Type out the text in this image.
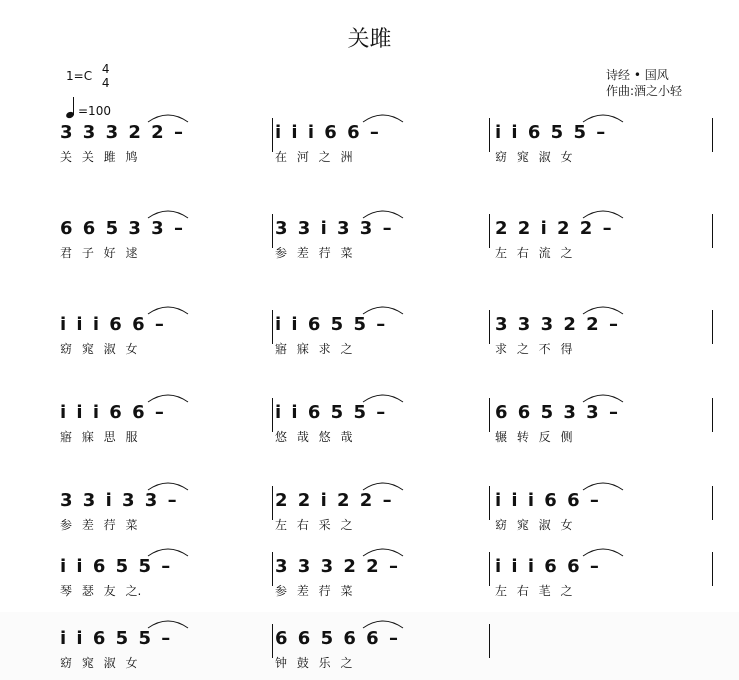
关雎
1=C 4
4
=100
诗经 • 国风
作曲:酒之小轻
3 3 3 2 2 –
关 关 雎 鸠
i i i 6 6 –
在 河 之 洲
i i 6 5 5 –
窈 窕 淑 女
6 6 5 3 3 –
君 子 好 逑
3 3 i 3 3 –
参 差 荇 菜
2 2 i 2 2 –
左 右 流 之
i i i 6 6 –
窈 窕 淑 女
i i 6 5 5 –
寤 寐 求 之
3 3 3 2 2 –
求 之 不 得
i i i 6 6 –
寤 寐 思 服
i i 6 5 5 –
悠 哉 悠 哉
6 6 5 3 3 –
辗 转 反 侧
3 3 i 3 3 –
参 差 荇 菜
2 2 i 2 2 –
左 右 采 之
i i i 6 6 –
窈 窕 淑 女
i i 6 5 5 –
琴 瑟 友 之.
3 3 3 2 2 –
参 差 荇 菜
i i i 6 6 –
左 右 芼 之
i i 6 5 5 –
窈 窕 淑 女
6 6 5 6 6 –
钟 鼓 乐 之
